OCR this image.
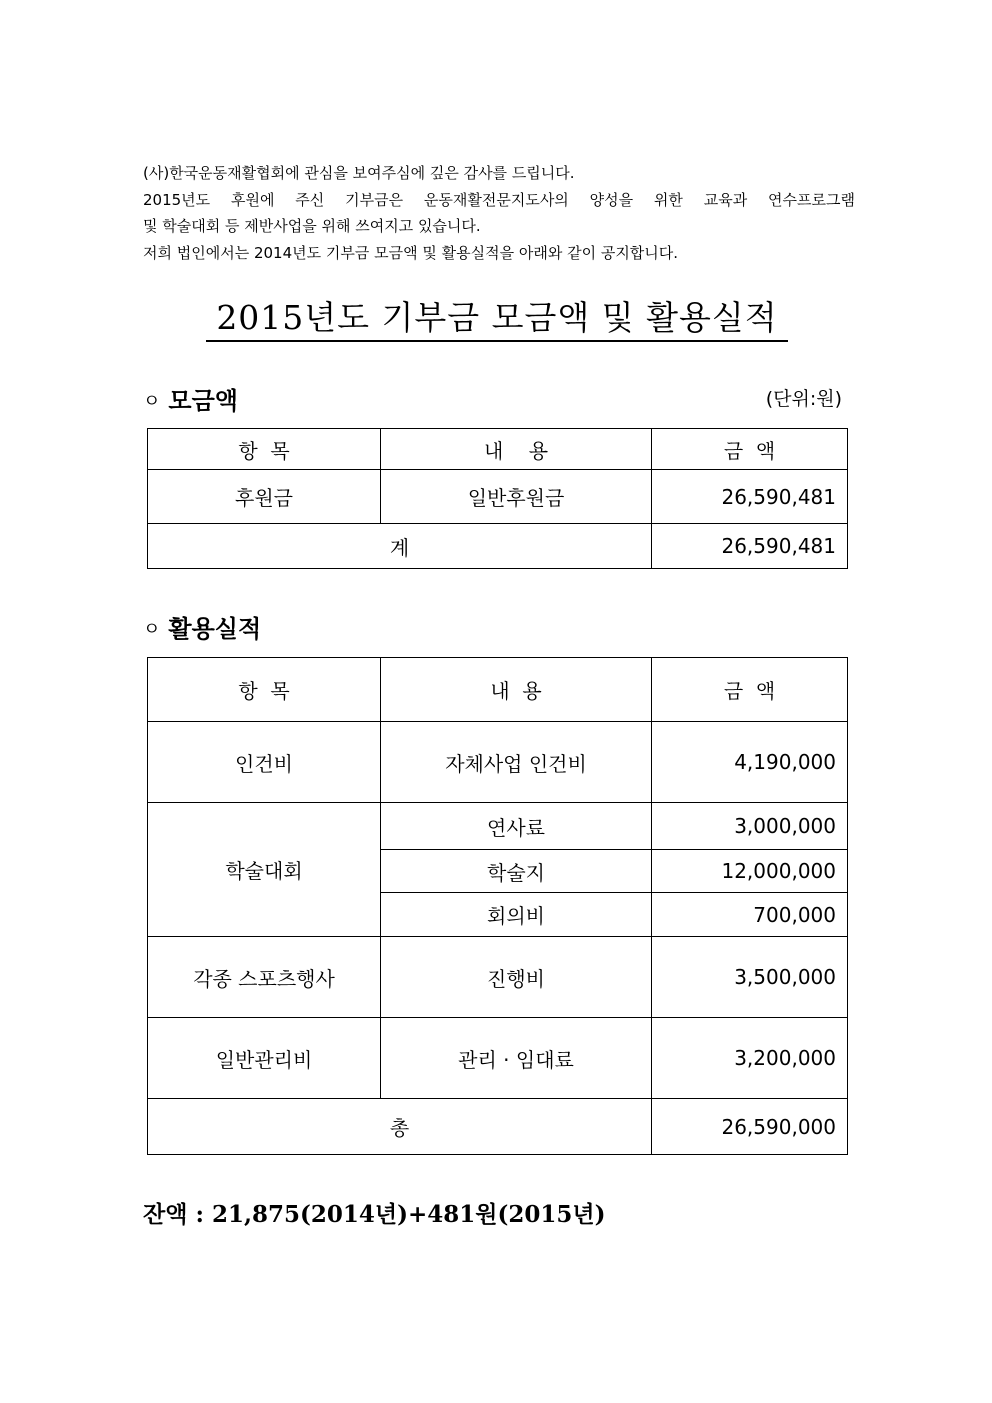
(사)한국운동재활협회에 관심을 보여주심에 깊은 감사를 드립니다.

2015년도 후원에 주신 기부금은 운동재활전문지도사의 양성을 위한 교육과 연수프로그램

및 학술대회 등 제반사업을 위해 쓰여지고 있습니다.

저희 법인에서는 2014년도 기부금 모금액 및 활용실적을 아래와 같이 공지합니다.

2015년도 기부금 모금액 및 활용실적
ㅇ 모금액	(단위:원)
항  목	내    용	금  액
후원금	일반후원금	26,590,481
계		26,590,481
ㅇ 활용실적
항  목	내  용	금  액
인건비	자체사업 인건비	4,190,000
학술대회	연사료	3,000,000
	학술지	12,000,000
	회의비	700,000
각종 스포츠행사	진행비	3,500,000
일반관리비	관리 · 임대료	3,200,000
총		26,590,000
잔액 : 21,875(2014년)+481원(2015년)
